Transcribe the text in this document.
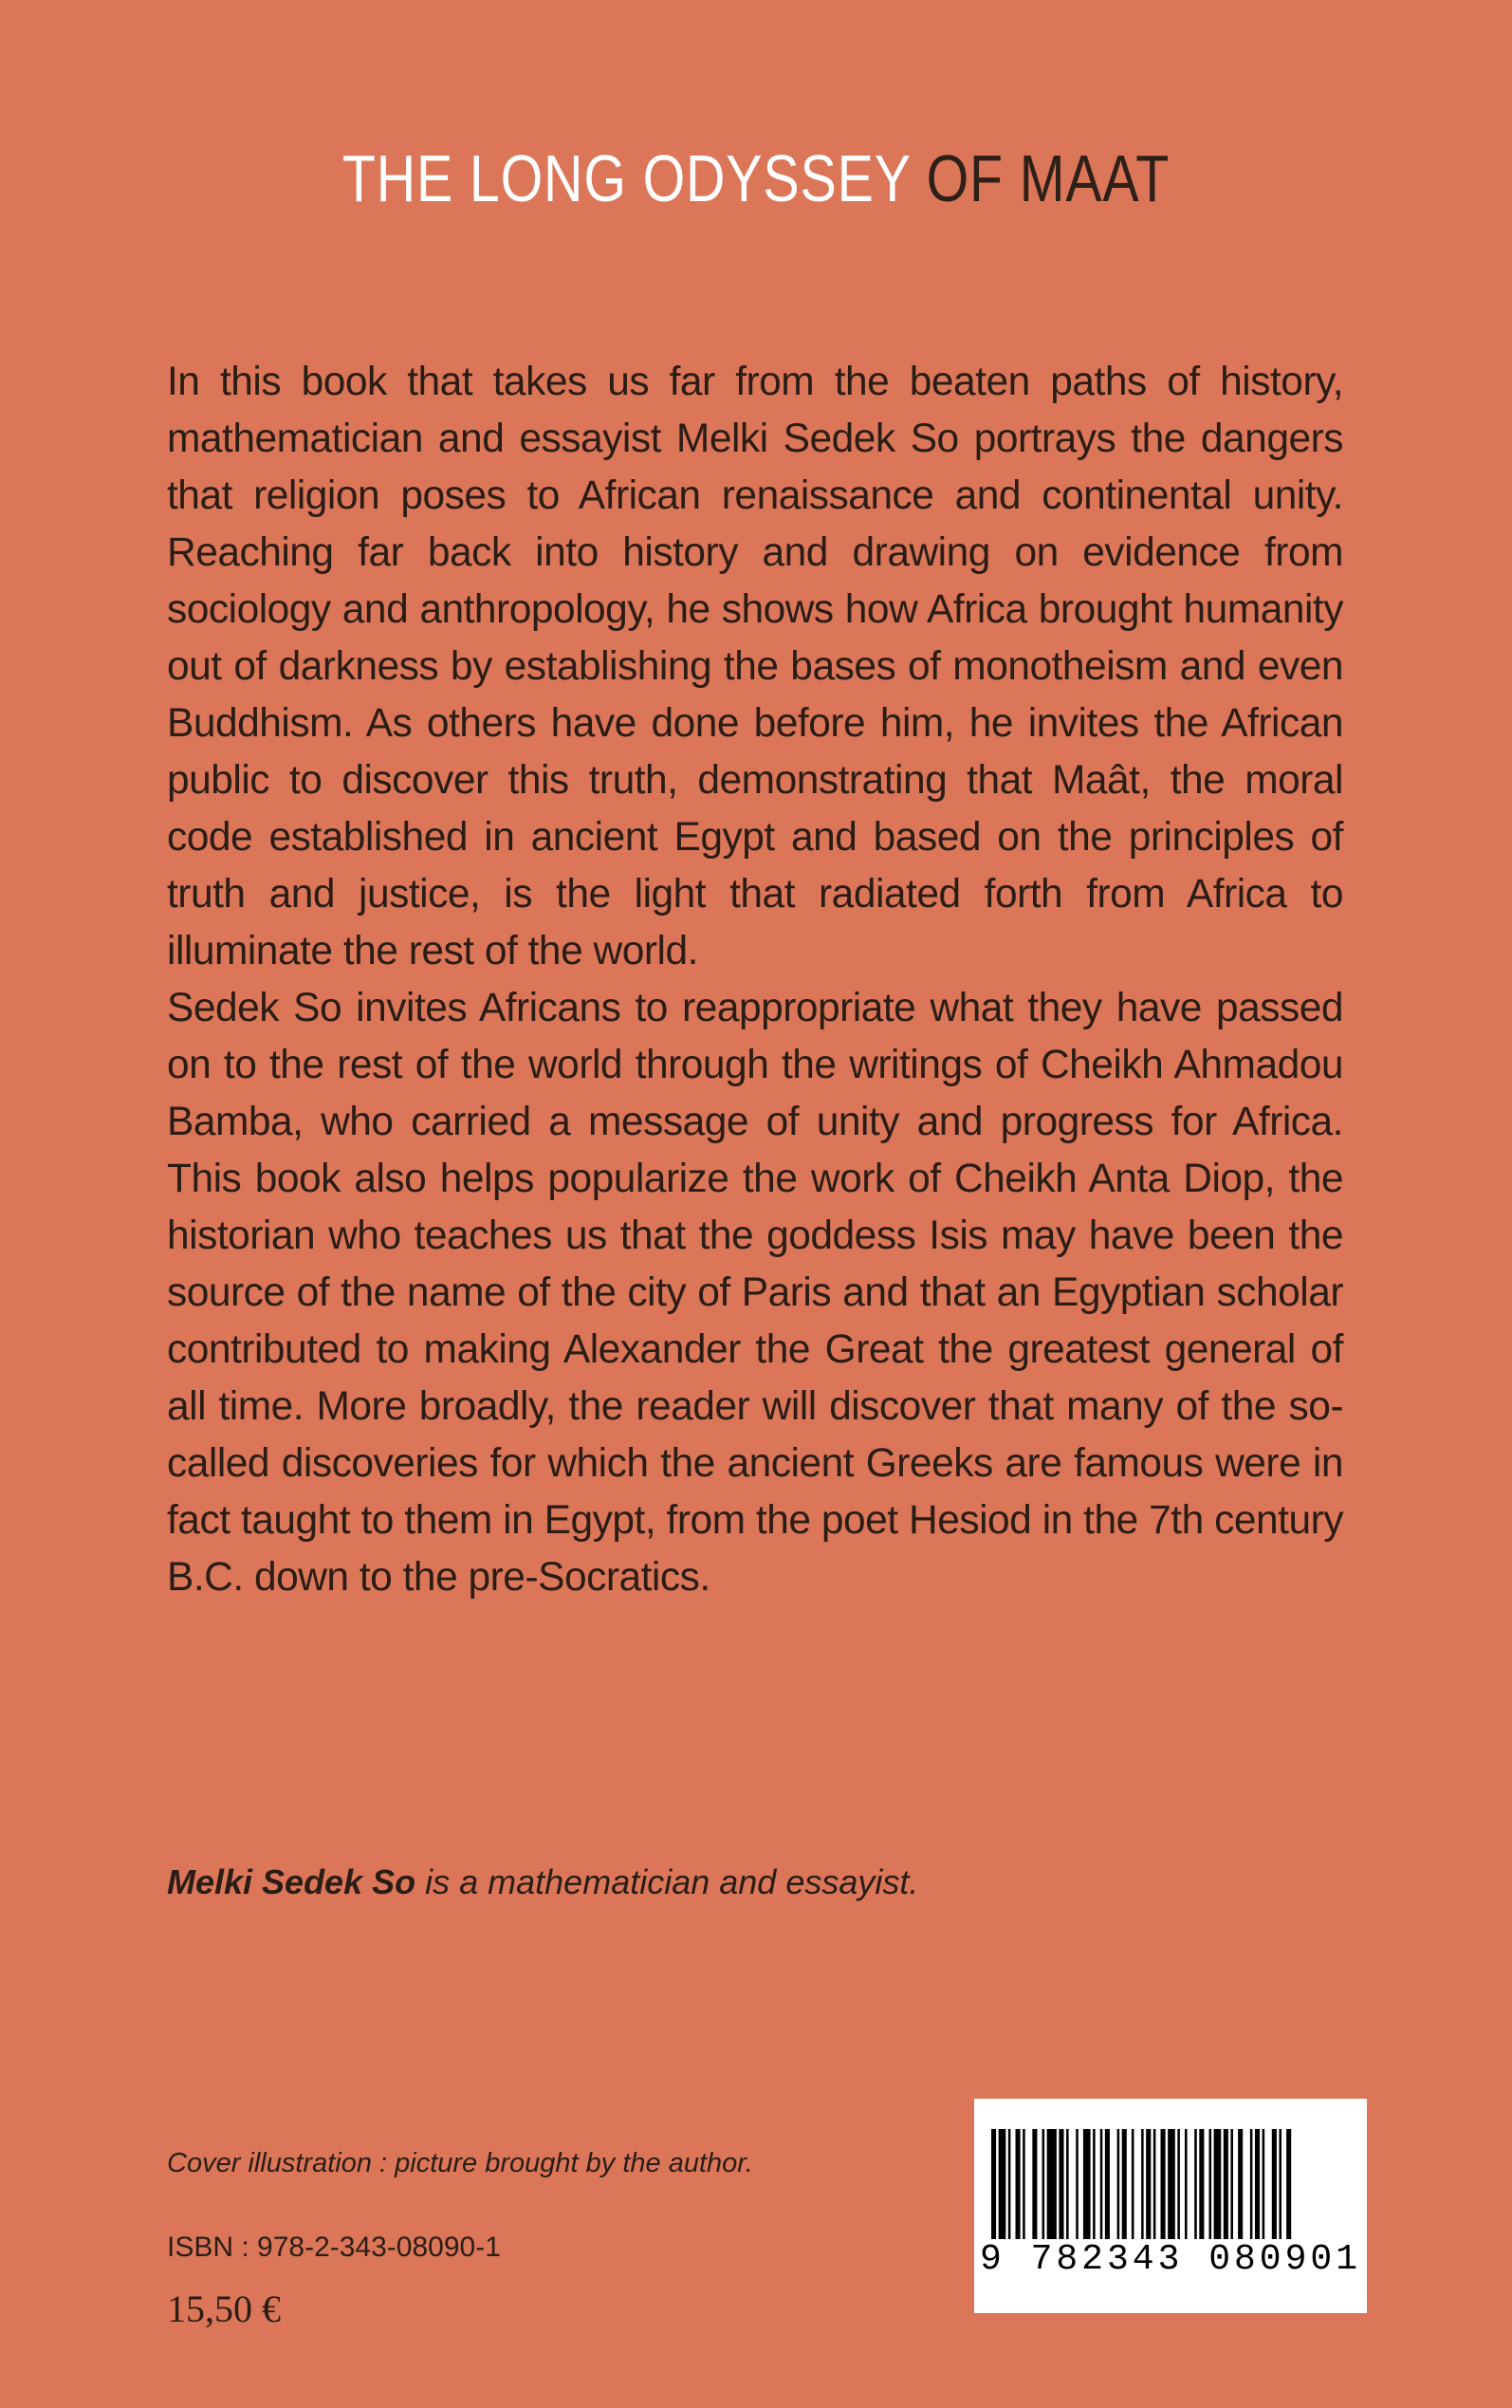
THE LONG ODYSSEY OF MAAT

In this book that takes us far from the beaten paths of history, mathematician and essayist Melki Sedek So portrays the dangers that religion poses to African renaissance and continental unity. Reaching far back into history and drawing on evidence from sociology and anthropology, he shows how Africa brought humanity out of darkness by establishing the bases of monotheism and even Buddhism. As others have done before him, he invites the African public to discover this truth, demonstrating that Maât, the moral code established in ancient Egypt and based on the principles of truth and justice, is the light that radiated forth from Africa to illuminate the rest of the world.

Sedek So invites Africans to reappropriate what they have passed on to the rest of the world through the writings of Cheikh Ahmadou Bamba, who carried a message of unity and progress for Africa. This book also helps popularize the work of Cheikh Anta Diop, the historian who teaches us that the goddess Isis may have been the source of the name of the city of Paris and that an Egyptian scholar contributed to making Alexander the Great the greatest general of all time. More broadly, the reader will discover that many of the so-called discoveries for which the ancient Greeks are famous were in fact taught to them in Egypt, from the poet Hesiod in the 7th century B.C. down to the pre-Socratics.

Melki Sedek So is a mathematician and essayist.
Cover illustration : picture brought by the author.
ISBN : 978-2-343-08090-1
15,50 €
9 782343 080901
